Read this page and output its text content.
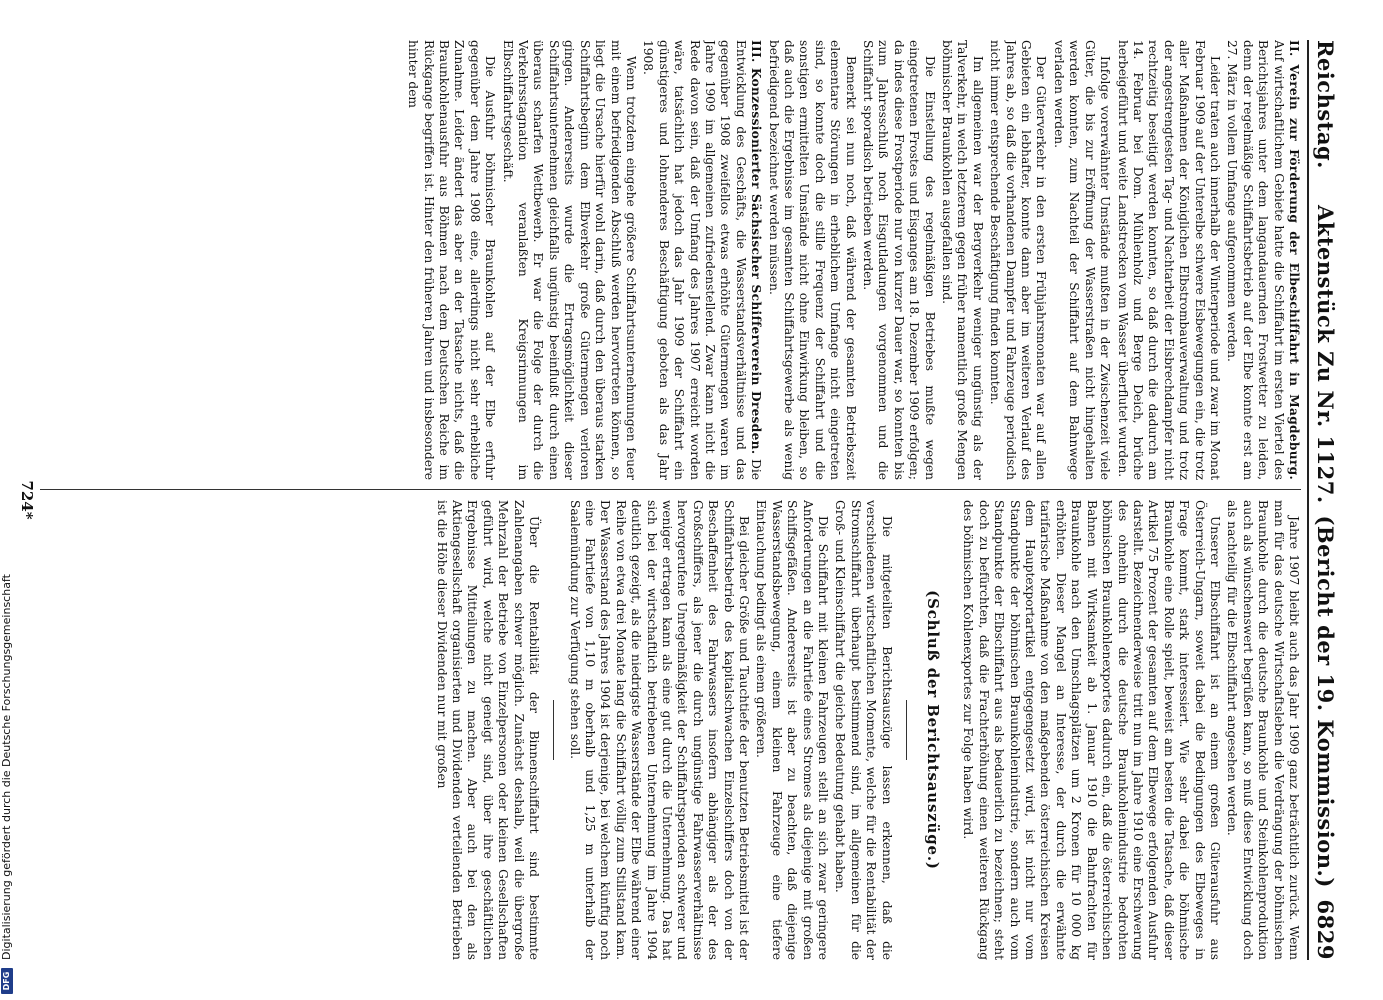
Reichstag.
Aktenstück Zu Nr. 1127.
(Bericht der 19. Kommission.)
6829

II. Verein zur Förderung der Elbeschiffahrt in Magdeburg. Auf wirtschaftlichem Gebiete hatte die Schiffahrt im ersten Viertel des Berichtsjahres unter dem langandauernden Frostwetter zu leiden, denn der regelmäßige Schiffahrtsbetrieb auf der Elbe konnte erst am 27. März in vollem Umfange aufgenommen werden.

Leider traten auch innerhalb der Winterperiode und zwar im Monat Februar 1909 auf der Unterelbe schwere Eisbewegungen ein, die trotz aller Maßnahmen der Königlichen Elbstrombauverwaltung und trotz der angestrengtesten Tag- und Nachtarbeit der Eisbrechdampfer nicht rechtzeitig beseitigt werden konnten, so daß durch die dadurch am 14. Februar bei Dom. Mühlenholz und Berge Deich, brüche herbeigeführt und weite Landstrecken vom Wasser überflutet wurden.

Infolge vorerwähnter Umstände mußten in der Zwischenzeit viele Güter, die bis zur Eröffnung der Wasserstraßen nicht hingehalten werden konnten, zum Nachteil der Schiffahrt auf dem Bahnwege verladen werden.

Der Güterverkehr in den ersten Frühjahrsmonaten war auf allen Gebieten ein lebhafter, konnte dann aber im weiteren Verlauf des Jahres ab, so daß die vorhandenen Dampfer und Fahrzeuge periodisch nicht immer entsprechende Beschäftigung finden konnten.

Im allgemeinen war der Bergverkehr weniger ungünstig als der Talverkehr, in welch letzterem gegen früher namentlich große Mengen böhmischer Braunkohlen ausgefallen sind.

Die Einstellung des regelmäßigen Betriebes mußte wegen eingetretenen Frostes und Eisganges am 18. Dezember 1909 erfolgen; da indes diese Frostperiode nur von kurzer Dauer war, so konnten bis zum Jahresschluß noch Eisgutladungen vorgenommen und die Schiffahrt sporadisch betrieben werden.

Bemerkt sei nun noch, daß während der gesamten Betriebszeit elementare Störungen in erheblichem Umfange nicht eingetreten sind, so konnte doch die stille Frequenz der Schiffahrt und die sonstigen ermittelten Umstände nicht ohne Einwirkung bleiben, so daß auch die Ergebnisse im gesamten Schiffahrtsgewerbe als wenig befriedigend bezeichnet werden müssen.

III. Konzessionierter Sächsischer Schifferverein Dresden. Die Entwicklung des Geschäfts, die Wasserstandsverhältnisse und das gegenüber 1908 zweifellos etwas erhöhte Gütermengen waren im Jahre 1909 im allgemeinen zufriedenstellend. Zwar kann nicht die Rede davon sein, daß der Umfang des Jahres 1907 erreicht worden wäre, tatsächlich hat jedoch das Jahr 1909 der Schiffahrt ein günstigeres und lohnenderes Beschäftigung geboten als das Jahr 1908.

Wenn trotzdem eingehe größere Schiffahrtsunternehmungen feuer mit einem befriedigenden Abschluß werden hervortreten können, so liegt die Ursache hierfür wohl darin, daß durch den überaus starken Schiffahrtsbeginn dem Elbverkehr große Gütermengen verloren gingen. Andererseits wurde die Ertragsmöglichkeit dieser Schiffahrtsunternehmen gleichfalls ungünstig beeinflußt durch einen überaus scharfen Wettbewerb. Er war die Folge der durch die Verkehrsstagnation veranlaßten Kreigsrinnungen im Elbschiffahrtsgeschäft.

Die Ausfuhr böhmischer Braunkohlen auf der Elbe erfuhr gegenüber dem Jahre 1908 eine, allerdings nicht sehr erhebliche Zunahme. Leider ändert das aber an der Tatsache nichts, daß die Braunkohlenausfuhr aus Böhmen nach dem Deutschen Reiche im Rückgange begriffen ist. Hinter den früheren Jahren und insbesondere hinter dem

Jahre 1907 bleibt auch das Jahr 1909 ganz beträchtlich zurück. Wenn man für das deutsche Wirtschaftsleben die Verdrängung der böhmischen Braunkohle durch die deutsche Braunkohle und Steinkohlenproduktion auch als wünschenswert begrüßen kann, so muß diese Entwicklung doch als nachteilig für die Elbschiffahrt angesehen werden.

Unserer Elbschiffahrt ist an einem großen Güterausfuhr aus Österreich-Ungarn, soweit dabei die Bedingungen des Elbeweges in Frage kommt, stark interessiert. Wie sehr dabei die böhmische Braunkohle eine Rolle spielt, beweist am besten die Tatsache, daß dieser Artikel 75 Prozent der gesamten auf dem Elbewege erfolgenden Ausfuhr darstellt. Bezeichnenderweise tritt nun im Jahre 1910 eine Erschwerung des ohnehin durch die deutsche Braunkohlenindustrie bedrohten böhmischen Braunkohlenexportes dadurch ein, daß die österreichischen Bahnen mit Wirksamkeit ab 1. Januar 1910 die Bahnfrachten für Braunkohle nach den Umschlagsplätzen um 2 Kronen für 10 000 kg erhöhten. Dieser Mangel an Interesse, der durch die erwähnte tarifarische Maßnahme von den maßgebenden österreichischen Kreisen dem Hauptexportartikel entgegengesetzt wird, ist nicht nur vom Standpunkte der böhmischen Braunkohlenindustrie, sondern auch vom Standpunkte der Elbschiffahrt aus als bedauerlich zu bezeichnen; steht doch zu befürchten, daß die Frachterhöhung einen weiteren Rückgang des böhmischen Kohlenexportes zur Folge haben wird.

(Schluß der Berichtsauszüge.)

Die mitgeteilten Berichtsauszüge lassen erkennen, daß die verschiedenen wirtschaftlichen Momente, welche für die Rentabilität der Stromschiffahrt überhaupt bestimmend sind, im allgemeinen für die Groß- und Kleinschiffahrt die gleiche Bedeutung gehabt haben.

Die Schiffahrt mit kleinen Fahrzeugen stellt an sich zwar geringere Anforderungen an die Fahrtiefe eines Stromes als diejenige mit großen Schiffsgefäßen. Andererseits ist aber zu beachten, daß diejenige Wasserstandsbewegung, einem kleinen Fahrzeuge eine tiefere Eintauchung bedingt als einem größeren.

Bei gleicher Größe und Tauchtiefe der benutzten Betriebsmittel ist der Schiffahrtsbetrieb des kapitalschwachen Einzelschiffers doch von der Beschaffenheit des Fahrwassers insofern abhängiger als der des Großschiffers, als jener die durch ungünstige Fahrwasserverhältnisse hervorgerufene Unregelmäßigkeit der Schiffahrtsperioden schwerer und weniger ertragen kann als eine gut durch die Unternehmung. Das hat sich bei der wirtschaftlich betriebenen Unternehmung im Jahre 1904 deutlich gezeigt, als die niedrigste Wasserstände der Elbe während einer Reihe von etwa drei Monate lang die Schiffahrt völlig zum Stillstand kam. Der Wasserstand des Jahres 1904 ist derjenige, bei welchem künftig noch eine Fahrtiefe von 1,10 m oberhalb und 1,25 m unterhalb der Saalemündung zur Verfügung stehen soll.

Über die Rentabilität der Binnenschiffahrt sind bestimmte Zahlenangaben schwer möglich. Zunächst deshalb, weil die übergroße Mehrzahl der Betriebe von Einzelpersonen oder kleinen Gesellschaften geführt wird, welche nicht geneigt sind, über ihre geschäftlichen Ergebnisse Mitteilungen zu machen. Aber auch bei den als Aktiengesellschaft organisierten und Dividenden verteilenden Betrieben ist die Höhe dieser Dividenden nur mit großen

724*
Digitalisierung gefördert durch die Deutsche Forschungsgemeinschaft
DFG
